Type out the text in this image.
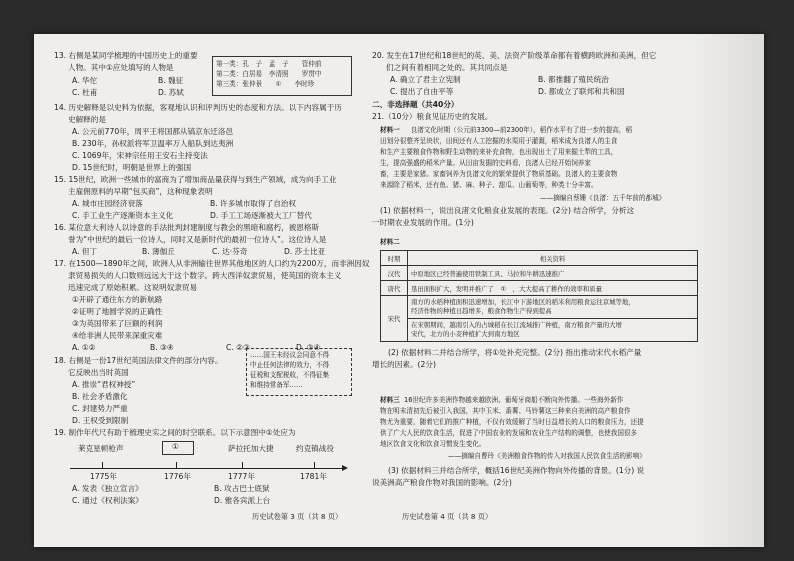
13. 右侧是某同学梳理的中国历史上的重要
人物。其中①应处填写的人物是
A. 华佗	B. 魏征
C. 杜甫	D. 苏轼
第一类：孔　子　孟　子　　管仲前
第二类：白居易　李清照　　罗贯中
第三类：张仲景　　①　　李时珍
14. 历史解释是以史料为依据，客观地认识和评判历史的态度和方法。以下内容属于历
史解释的是
A. 公元前770年，周平王将国都从镐京东迁洛邑
B. 230年，孙权派将军卫温率万人船队到达夷洲
C. 1069年，宋神宗任用王安石主持变法
D. 15世纪时，明朝是世界上的强国
15. 15世纪，欧洲一些城市的富商为了增加商品量获得与到生产领域，成为向手工业
主雇佣原料的早期“包买商”，这种现象表明
A. 城市庄园经济衰落	B. 许多城市取得了自治权
C. 手工业生产逐渐资本主义化	D. 手工工场逐渐被大工厂替代
16. 某位意大利诗人以诗意的手法批判封建制度与教会的黑暗和腐朽，被恩格斯
誉为“中世纪的最后一位诗人，同时又是新时代的最初一位诗人”。这位诗人是
A. 但丁	B. 薄伽丘	C. 达·芬奇	D. 莎士比亚
17. 在1500—1890年之间，欧洲人从非洲输往世界其他地区的人口约为2200万，而非洲因奴
隶贸易损失的人口数则远远大于这个数字。跨大西洋奴隶贸易，使英国的资本主义
迅速完成了原始积累。这说明奴隶贸易
①开辟了通往东方的新航路
②证明了地圆学说的正确性
③为英国带来了巨额的利润
④给非洲人民带来深重灾难
A. ①②	B. ③④	C. ②③	D. ③④
18. 右侧是一份17世纪英国法律文件的部分内容。
它反映出当时英国
A. 推崇“君权神授”
B. 社会矛盾激化
C. 封建势力严重
D. 王权受到限制
……国王未经议会同意不得
中止任何法律的效力，不得
征税和支配税收，不得征集
和维持常备军……
19. 制作年代尺有助于梳理史实之间的时空联系。以下示意图中①处应为
莱克星顿枪声	①	萨拉托加大捷	约克镇战役
1775年	1776年	1777年	1781年
A. 发表《独立宣言》	B. 攻占巴士底狱
C. 通过《权利法案》	D. 雅各宾派上台
历史试卷第 3 页（共 8 页）
20. 发生在17世纪和18世纪的英、美、法资产阶级革命都有着横跨欧洲和美洲，但它
们之间有着相同之处的。其共同点是
A. 确立了君主立宪制	B. 都推翻了殖民统治
C. 提出了自由平等	D. 都成立了联邦和共和国
二、非选择题（共40分）
21.（10分）粮食见证历史的发展。
材料一 　良渚文化时期（公元前3300—前2300年），稻作水平有了进一步的提高，稻
田划分很整齐呈块状，田间还有人工挖掘的水渠用于灌溉，稻米成为良渚人的主食
和生产主要粮食作物和野生动物的来补充食物，也出现出土了用来掘土犁的工具，
生，提高强盛的稻米产量。从田亩发掘的史料看，良渚人已经开始饲养家
畜，主要是家猪。家畜饲养为良渚文化的繁荣提供了物质基础。良渚人的主要食物
来源除了稻米，还有鱼、猪、麻、种子、甜瓜、山葡萄等，种类十分丰富。
——摘编自蔡姗《良渚：五千年前的都城》
(1) 依据材料一，说出良渚文化粮食业发展的表现。(2分) 结合所学，分析这
一时期农业发展的作用。(1分)
材料二
时期	相关资料
汉代	中原地区已经普遍使用铁制工具、马拉和牛耕迅速推广
唐代	垦田面积扩大，发明并推广了　①　，大大提高了耕作的效率和质量
宋代	南方的水稻种植面积迅速增加，长江中下游地区的稻米利用粮食运往京城等地，
经济作物的种植日趋增多，粮食作物生产得到提高
	在宋朝期间，越南引入的占城稻在长江流域推广种植，南方粮食产量的大增
宋代，北方的小麦种植扩大到南方地区
(2) 依据材料二并结合所学，将①处补充完整。(2分) 指出推动宋代水稻产量
增长的因素。(2分)
材料三 16世纪许多美洲作物越来越欧洲、葡萄牙商船不断向外传播。一些海外新作
物在明末清初先后被引入我国，其中玉米、番薯、马铃薯这三种来自美洲的高产粮食作
物尤为重要，随着它们的推广种植，不仅有效缓解了当时日益增长的人口的粮食压力，还提
供了广大人民的饮食生活，促进了中国农业的发展和农业生产结构的调整，也使我国很多
地区饮食文化和饮食习惯发生变化。
——摘编自曹玲《美洲粮食作物的传入对我国人民饮食生活的影响》
(3) 依据材料三并结合所学，概括16世纪美洲作物向外传播的背景。(1分) 说
说美洲高产粮食作物对我国的影响。(2分)
历史试卷第 4 页（共 8 页）
